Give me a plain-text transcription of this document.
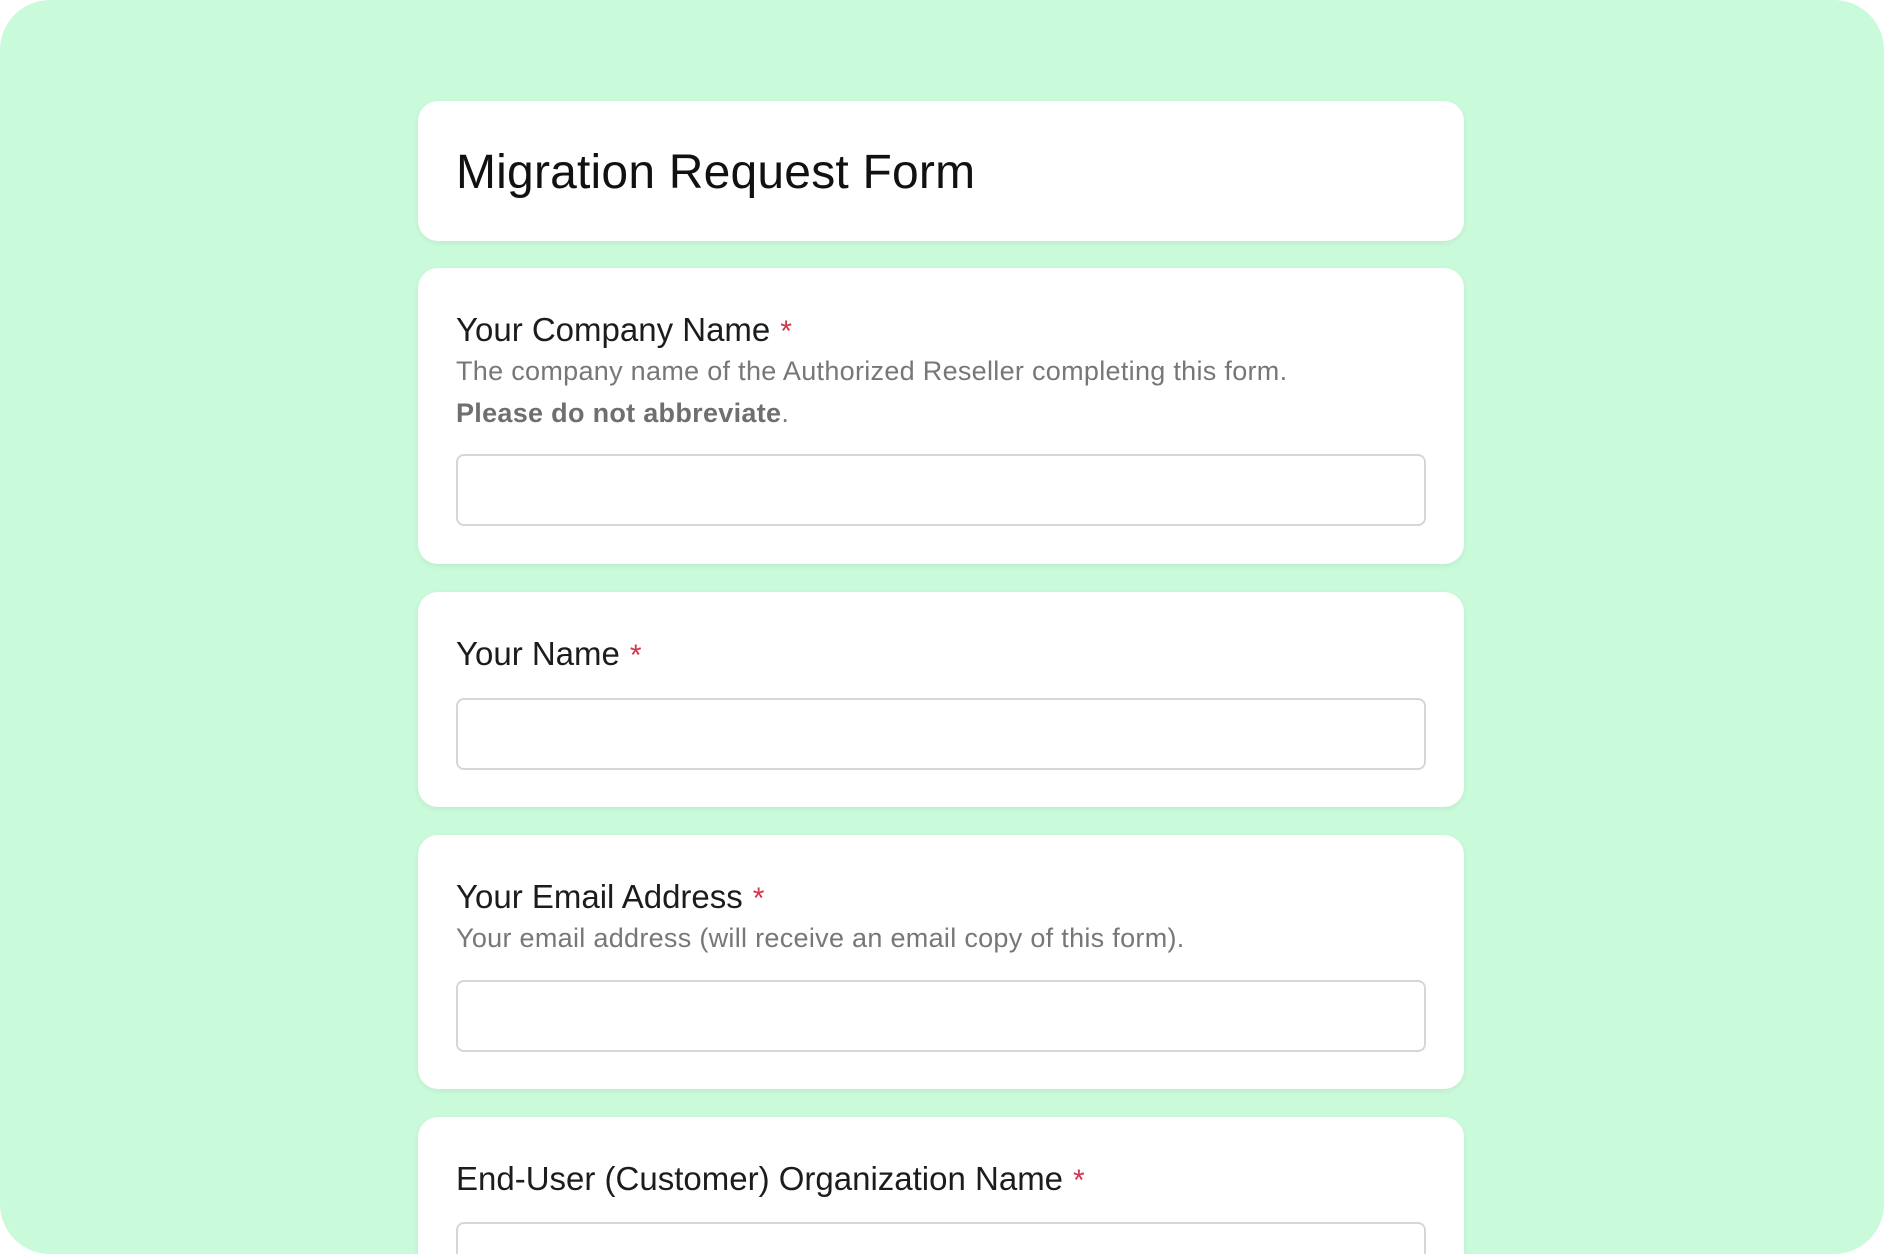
Migration Request Form
Your Company Name *
The company name of the Authorized Reseller completing this form.
Please do not abbreviate.
Your Name *
Your Email Address *
Your email address (will receive an email copy of this form).
End-User (Customer) Organization Name *
